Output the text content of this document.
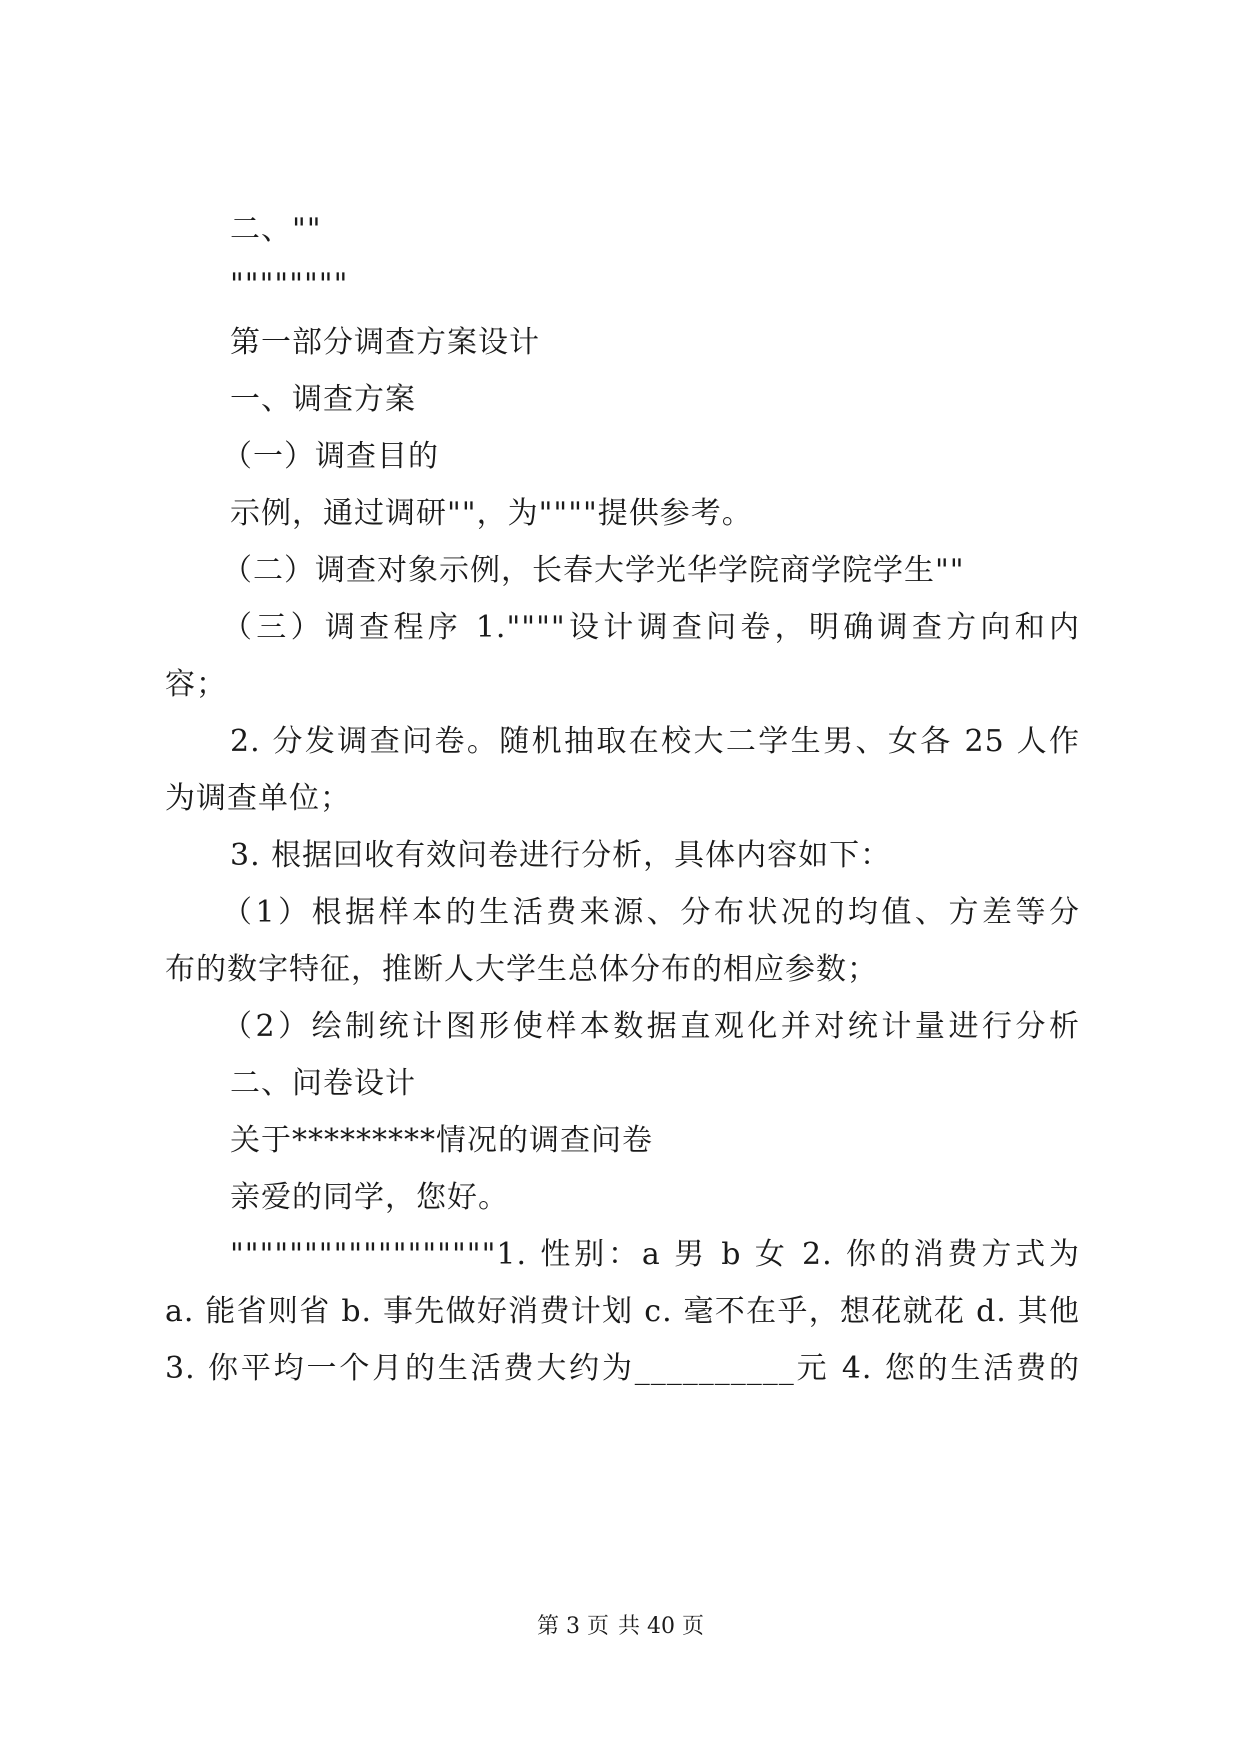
二、""
""""""""
第一部分调查方案设计
一、调查方案
（一）调查目的
示例，通过调研""，为""""提供参考。
（二）调查对象示例，长春大学光华学院商学院学生""
（三）调查程序 1.""""设计调查问卷，明确调查方向和内
容；
2. 分发调查问卷。随机抽取在校大二学生男、女各 25 人作
为调查单位；
3. 根据回收有效问卷进行分析，具体内容如下：
（1）根据样本的生活费来源、分布状况的均值、方差等分
布的数字特征，推断人大学生总体分布的相应参数；
（2）绘制统计图形使样本数据直观化并对统计量进行分析
二、问卷设计
关于*********情况的调查问卷
亲爱的同学，您好。
""""""""""""""""""1. 性别：a 男 b 女 2. 你的消费方式为
a. 能省则省 b. 事先做好消费计划 c. 毫不在乎，想花就花 d. 其他
3. 你平均一个月的生活费大约为__________元 4. 您的生活费的
第 3 页 共 40 页
